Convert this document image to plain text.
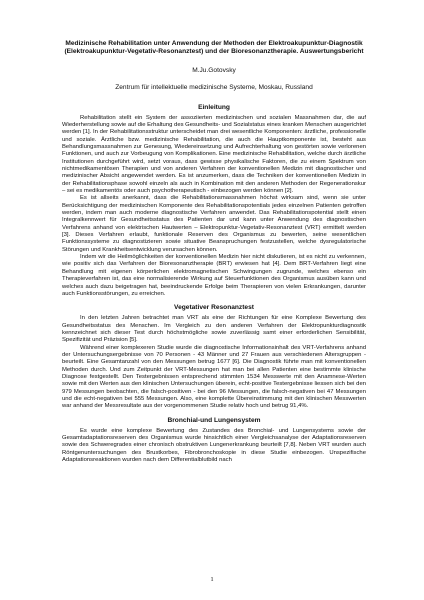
Medizinische Rehabilitation unter Anwendung der Methoden der Elektroakupunktur-Diagnostik (Elektroakupunktur-Vegetativ-Resonanztest) und der Bioresonanztherapie. Auswertungsbericht
M.Ju.Gotovsky
Zentrum für intellektuelle medizinische Systeme, Moskau, Russland
Einleitung

Rehabilitation stellt ein System der assoziierten medizinischen und sozialen Massnahmen dar, die auf Wiederherstellung sowie auf die Erhaltung des Gesundheits- und Sozialstatus eines kranken Menschen ausgerichtet werden [1]. In der Rehabilitationsstruktur unterscheidet man drei wesentliche Komponenten: ärztliche, professionelle und soziale. Ärztliche bzw. medizinische Rehabilitation, die auch die Hauptkomponente ist, besteht aus Behandlungsmassnahmen zur Genesung, Wiedereinsetzung und Aufrechterhaltung von gestörten sowie verlorenen Funktionen, und auch zur Vorbeugung von Komplikationen. Eine medizinische Rehabilitation, welche durch ärztliche Institutionen durchgeführt wird, setzt voraus, dass gewisse physikalische Faktoren, die zu einem Spektrum von nichtmedikamentösen Therapien und von anderen Verfahren der konventionellen Medizin mit diagnostischer und medizinischer Absicht angewendet werden. Es ist anzumerken, dass die Techniken der konventionellen Medizin in der Rehabilitationsphase sowohl einzeln als auch in Kombination mit den anderen Methoden der Regenerationskur – sei es medikamentös oder auch psychotherapeutisch - einbezogen werden können [2].

Es ist allseits anerkannt, dass die Rehabilitationsmassnahmen höchst wirksam sind, wenn sie unter Berücksichtigung der medizinischen Komponente des Rehabilitationspotentials jedes einzelnen Patienten getroffen werden, indem man auch moderne diagnostische Verfahren anwendet. Das Rehabilitationspotential stellt einen Integralkennwert für Gesundheitsstatus des Patienten dar und kann unter Anwendung des diagnostischen Verfahrens anhand von elektrischen Hautwerten – Elektropunktur-Vegetativ-Resonanztest (VRT) ermittelt werden [3]. Dieses Verfahren erlaubt, funktionale Reserven des Organismus zu bewerten, seine wesentlichen Funktionssysteme zu diagnostizieren sowie situative Beanspruchungen festzustellen, welche dysregulatorische Störungen und Krankheitsentwicklung verursachen können.

Indem wir die Heilmöglichkeiten der konventionellen Medizin hier nicht diskutieren, ist es nicht zu verkennen, wie positiv sich das Verfahren der Bioresonanztherapie (BRT) erwiesen hat [4]. Dem BRT-Verfahren liegt eine Behandlung mit eigenen körperlichen elektromagnetischen Schwingungen zugrunde, welches ebenso ein Therapieverfahren ist, das eine normalisierende Wirkung auf Steuerfunktionen des Organismus ausüben kann und welches auch dazu beigetragen hat, beeindruckende Erfolge beim Therapieren von vielen Erkrankungen, darunter auch Funktionsstörungen, zu erreichen.

Vegetativer Resonanztest

In den letzten Jahren betrachtet man VRT als eine der Richtungen für eine Komplexe Bewertung des Gesundheitsstatus des Menschen. Im Vergleich zu den anderen Verfahren der Elektropunkturdiagnostik kennzeichnet sich dieser Test durch höchstmögliche sowie zuverlässig samt einer erforderlichen Sensibilität, Spezifizität und Präzision [5].

Während einer komplexeren Studie wurde die diagnostische Informationsinhalt des VRT-Verfahrens anhand der Untersuchungsergebnisse von 70 Personen - 43 Männer und 27 Frauen aus verschiedenen Altersgruppen - beurteilt. Eine Gesamtanzahl von den Messungen betrug 1677 [6]. Die Diagnostik führte man mit konventionellen Methoden durch. Und zum Zeitpunkt der VRT-Messungen hat man bei allen Patienten eine bestimmte klinische Diagnose festgestellt. Den Testergebnissen entsprechend stimmten 1534 Messwerte mit den Anamnese-Werten sowie mit den Werten aus den klinischen Untersuchungen überein, echt-positive Testergebnisse liessen sich bei den 979 Messungen beobachten, die falsch-positiven - bei den 96 Messungen, die falsch-negativen bei 47 Messungen und die echt-negativen bei 555 Messungen. Also, eine komplette Übereinstimmung mit den klinischen Messwerten war anhand der Messresultate aus der vorgenommenen Studie relativ hoch und betrug 91,4%.

Bronchial-und Lungensystem

Es wurde eine komplexe Bewertung des Zustandes des Bronchial- und Lungensystems sowie der Gesamtadaptationsreserven des Organismus wurde hinsichtlich einer Vergleichsanalyse der Adaptationsreserven sowie des Schweregrades einer chronisch obstruktiven Lungenerkrankung beurteilt [7,8]. Neben VRT wurden auch Röntgenuntersuchungen des Brustkorbes, Fibrobronchoskopie in diese Studie einbezogen. Unspezifische Adaptationsreaktionen wurden nach dem Differentialblutbild nach

1
